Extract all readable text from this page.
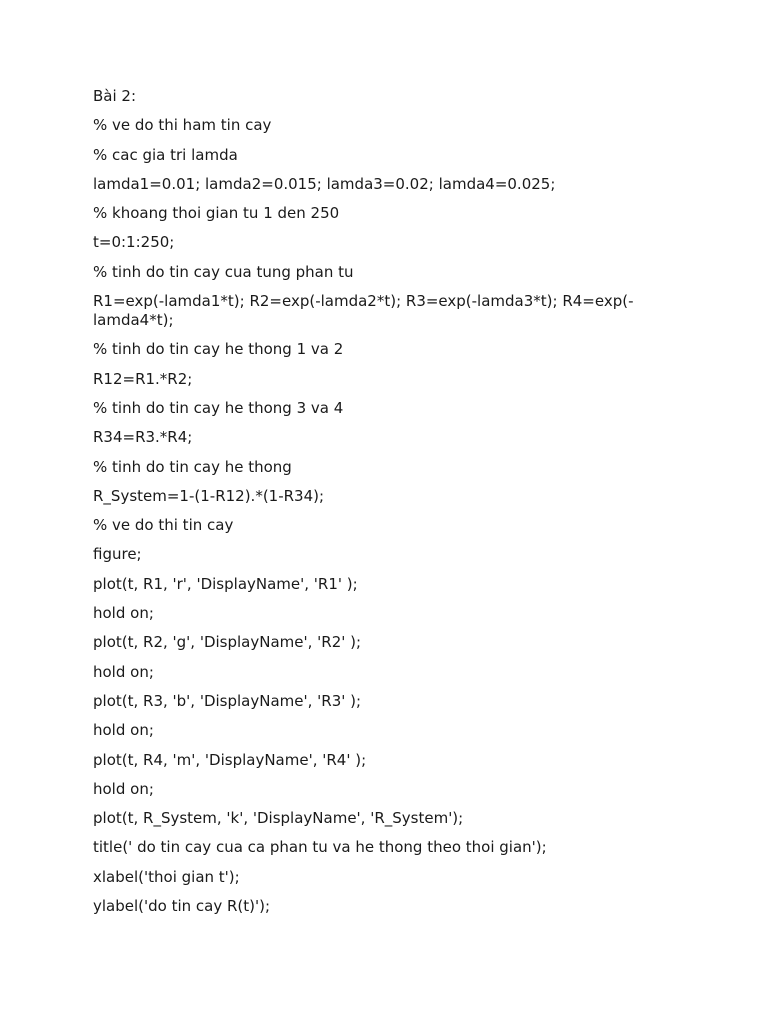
Bài 2:
% ve do thi ham tin cay
% cac gia tri lamda
lamda1=0.01; lamda2=0.015; lamda3=0.02; lamda4=0.025;
% khoang thoi gian tu 1 den 250
t=0:1:250;
% tinh do tin cay cua tung phan tu
R1=exp(-lamda1*t); R2=exp(-lamda2*t); R3=exp(-lamda3*t); R4=exp(-
lamda4*t);
% tinh do tin cay he thong 1 va 2
R12=R1.*R2;
% tinh do tin cay he thong 3 va 4
R34=R3.*R4;
% tinh do tin cay he thong
R_System=1-(1-R12).*(1-R34);
% ve do thi tin cay
figure;
plot(t, R1, 'r', 'DisplayName', 'R1' );
hold on;
plot(t, R2, 'g', 'DisplayName', 'R2' );
hold on;
plot(t, R3, 'b', 'DisplayName', 'R3' );
hold on;
plot(t, R4, 'm', 'DisplayName', 'R4' );
hold on;
plot(t, R_System, 'k', 'DisplayName', 'R_System');
title(' do tin cay cua ca phan tu va he thong theo thoi gian');
xlabel('thoi gian t');
ylabel('do tin cay R(t)');
